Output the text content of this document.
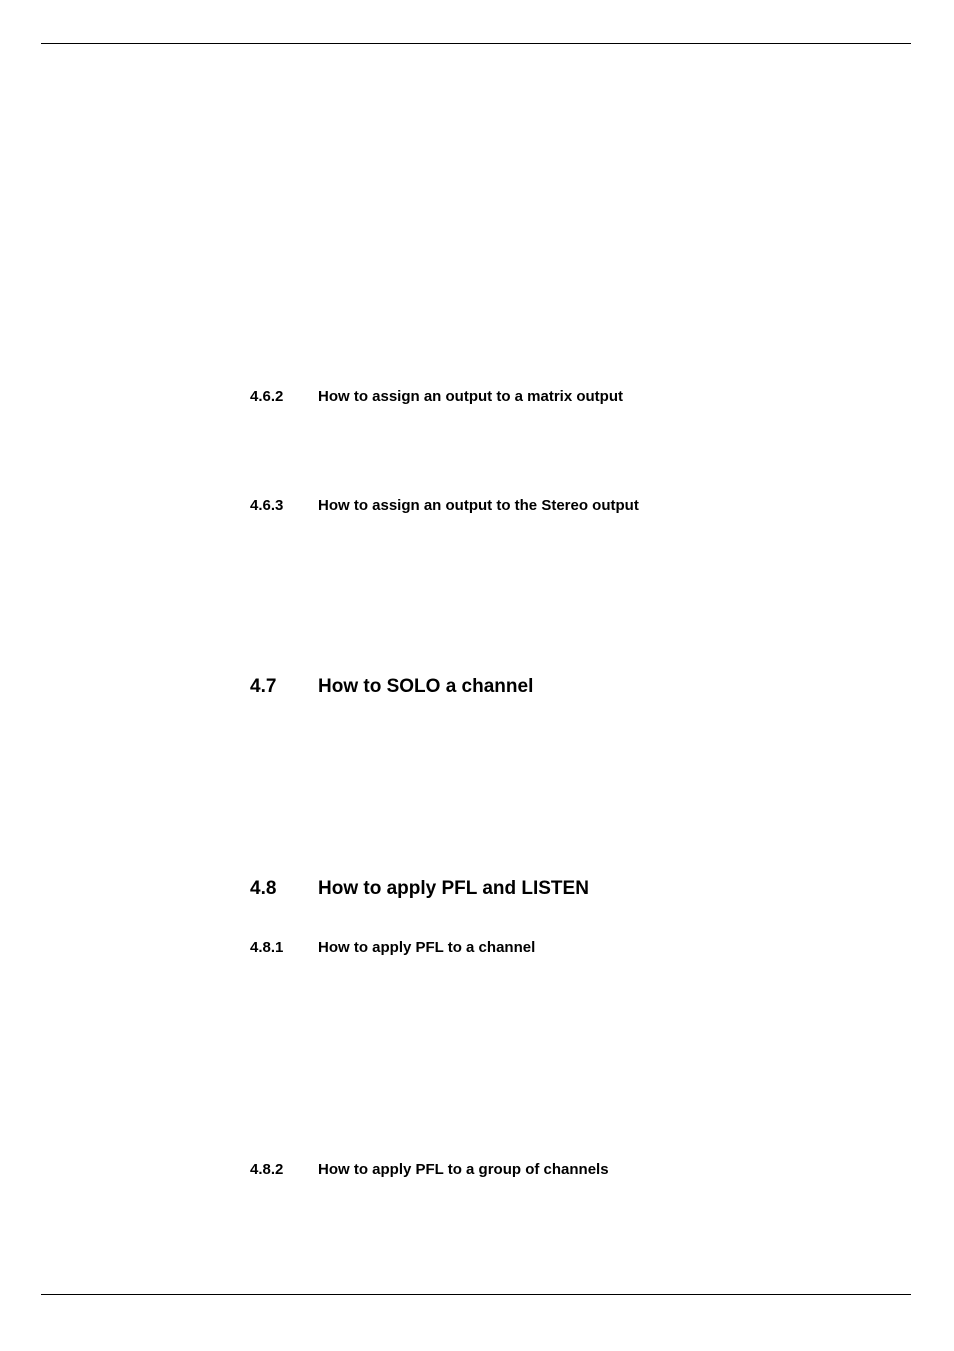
4.6.2 How to assign an output to a matrix output
4.6.3 How to assign an output to the Stereo output
4.7 How to SOLO a channel
4.8 How to apply PFL and LISTEN
4.8.1 How to apply PFL to a channel
4.8.2 How to apply PFL to a group of channels
